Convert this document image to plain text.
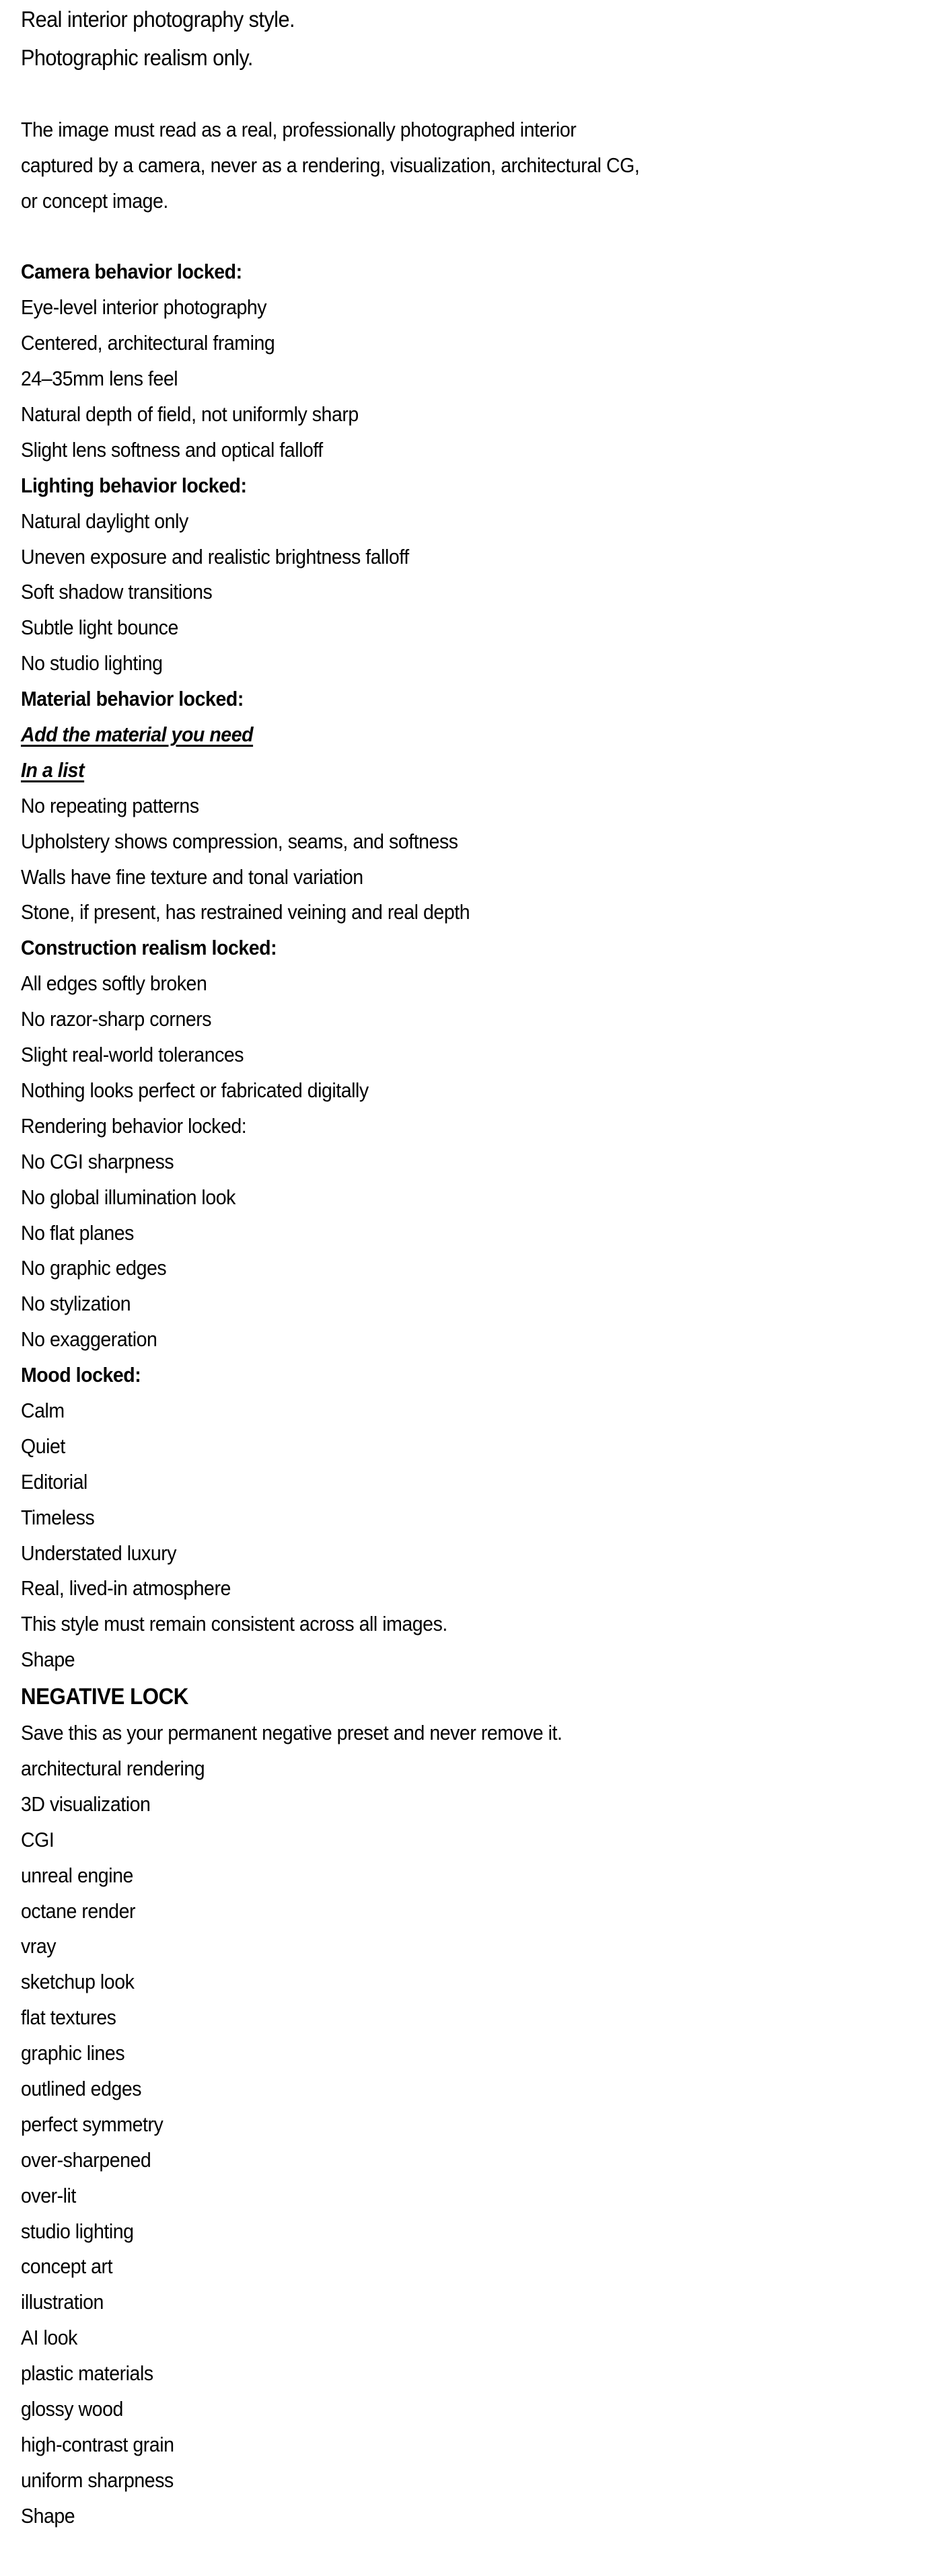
Real interior photography style.
Photographic realism only.
The image must read as a real, professionally photographed interior
captured by a camera, never as a rendering, visualization, architectural CG,
or concept image.
Camera behavior locked:
Eye-level interior photography
Centered, architectural framing
24–35mm lens feel
Natural depth of field, not uniformly sharp
Slight lens softness and optical falloff
Lighting behavior locked:
Natural daylight only
Uneven exposure and realistic brightness falloff
Soft shadow transitions
Subtle light bounce
No studio lighting
Material behavior locked:
Add the material you need
In a list
No repeating patterns
Upholstery shows compression, seams, and softness
Walls have fine texture and tonal variation
Stone, if present, has restrained veining and real depth
Construction realism locked:
All edges softly broken
No razor-sharp corners
Slight real-world tolerances
Nothing looks perfect or fabricated digitally
Rendering behavior locked:
No CGI sharpness
No global illumination look
No flat planes
No graphic edges
No stylization
No exaggeration
Mood locked:
Calm
Quiet
Editorial
Timeless
Understated luxury
Real, lived-in atmosphere
This style must remain consistent across all images.
Shape
NEGATIVE LOCK
Save this as your permanent negative preset and never remove it.
architectural rendering
3D visualization
CGI
unreal engine
octane render
vray
sketchup look
flat textures
graphic lines
outlined edges
perfect symmetry
over-sharpened
over-lit
studio lighting
concept art
illustration
AI look
plastic materials
glossy wood
high-contrast grain
uniform sharpness
Shape
